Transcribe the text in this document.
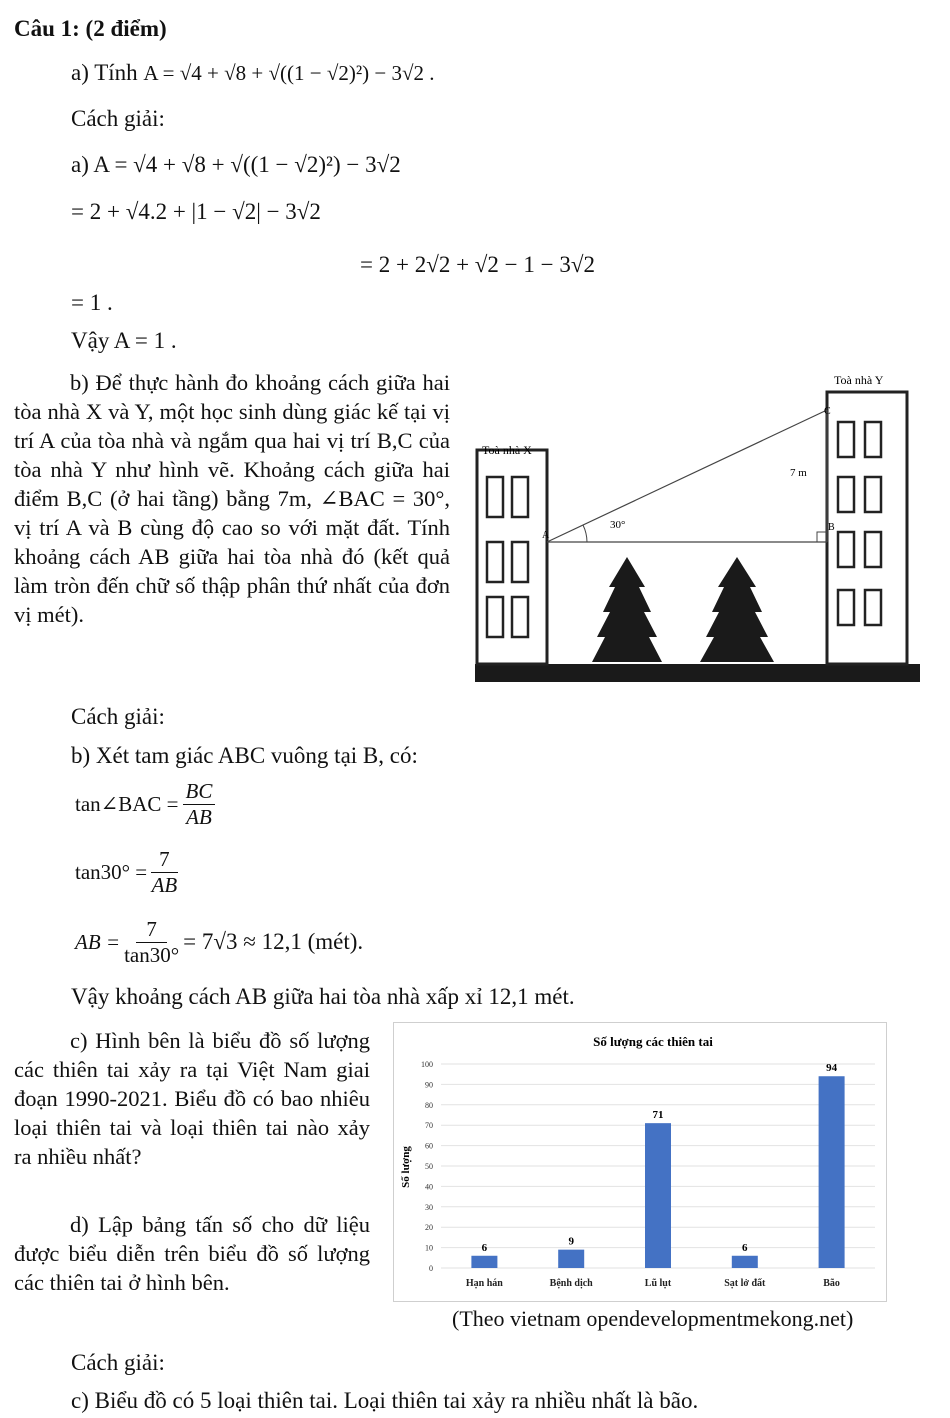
Câu 1: (2 điểm)
a) Tính A = √4 + √8 + √((1 − √2)²) − 3√2 .
Cách giải:
a) A = √4 + √8 + √((1 − √2)²) − 3√2
= 2 + √4.2 + |1 − √2| − 3√2
= 2 + 2√2 + √2 − 1 − 3√2
= 1 .
Vậy A = 1 .
b) Để thực hành đo khoảng cách giữa hai tòa nhà X và Y, một học sinh dùng giác kế tại vị trí A của tòa nhà và ngắm qua hai vị trí B,C của tòa nhà Y như hình vẽ. Khoảng cách giữa hai điểm B,C (ở hai tầng) bằng 7m, ∠BAC = 30°, vị trí A và B cùng độ cao so với mặt đất. Tính khoảng cách AB giữa hai tòa nhà đó (kết quả làm tròn đến chữ số thập phân thứ nhất của đơn vị mét).
Toà nhà X
Toà nhà Y
A
B
C
7 m
30°
Cách giải:
b) Xét tam giác ABC vuông tại B, có:
tan∠BAC = $\frac{BC}{AB}$
$\tan 30^\circ = \frac{7}{AB}$
AB = $\frac{7}{\tan 30^\circ} = 7√3 \approx 12,1$ (mét).
Vậy khoảng cách AB giữa hai tòa nhà xấp xỉ 12,1 mét.
c) Hình bên là biểu đồ số lượng các thiên tai xảy ra tại Việt Nam giai đoạn 1990-2021. Biểu đồ có bao nhiêu loại thiên tai và loại thiên tai nào xảy ra nhiều nhất?
d) Lập bảng tấn số cho dữ liệu được biểu diễn trên biểu đồ số lượng các thiên tai ở hình bên.
Số lượng các thiên tai
Số lượng
0
10
20
30
40
50
60
70
80
90
100
6
9
71
6
94
Hạn hán	Bệnh dịch	Lũ lụt	Sạt lở đất	Bão
(Theo vietnam opendevelopmentmekong.net)
Cách giải:
c) Biểu đồ có 5 loại thiên tai. Loại thiên tai xảy ra nhiều nhất là bão.
